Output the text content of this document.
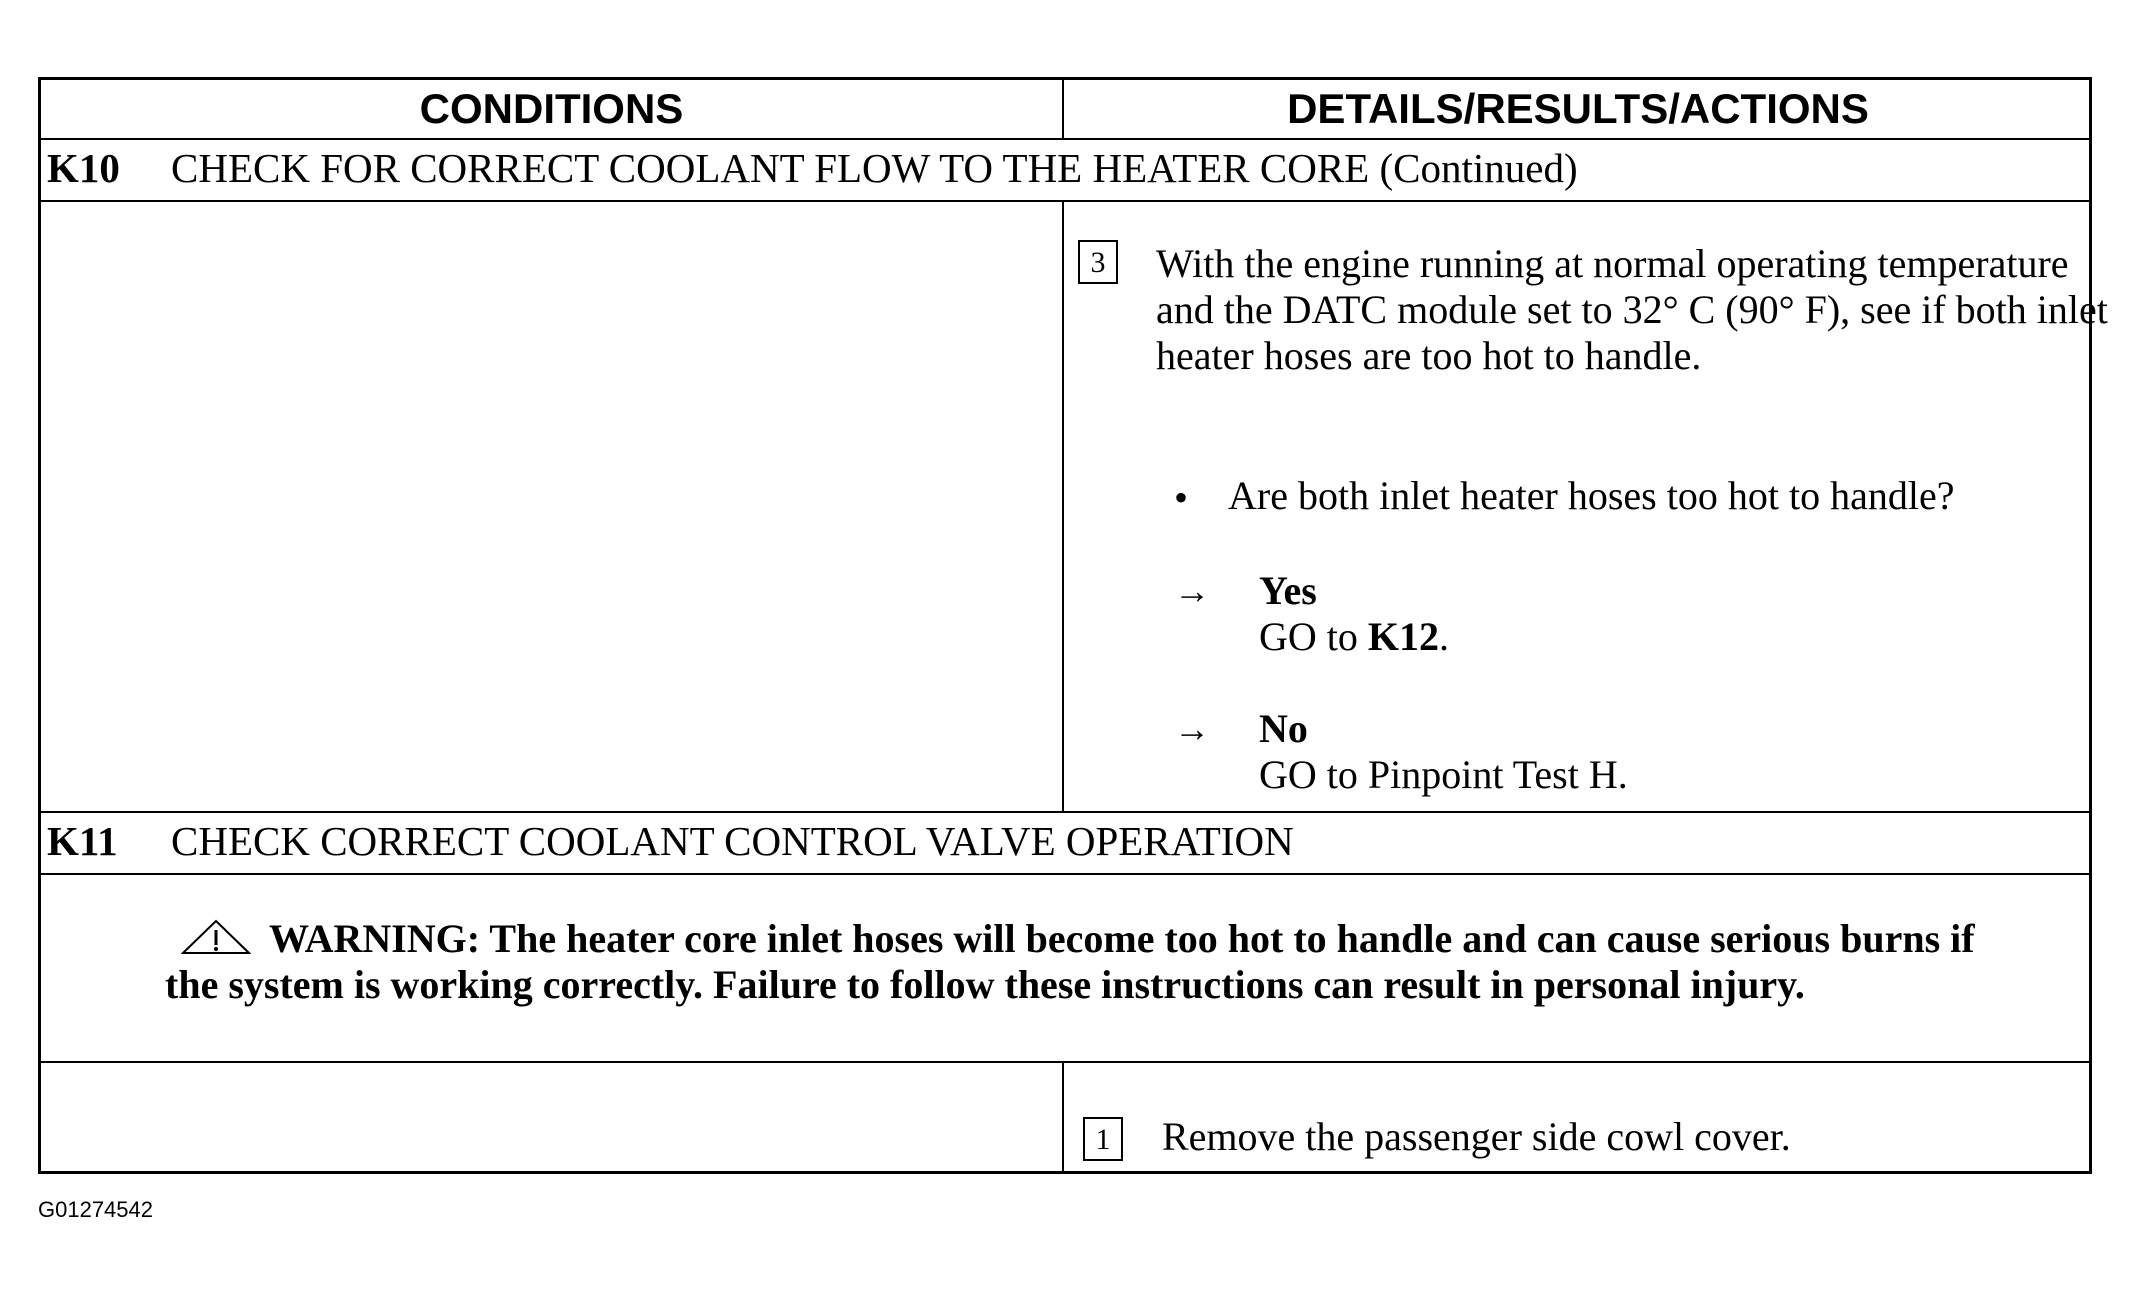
CONDITIONS	DETAILS/RESULTS/ACTIONS
K10 CHECK FOR CORRECT COOLANT FLOW TO THE HEATER CORE (Continued)
3	With the engine running at normal operating temperature and the DATC module set to 32° C (90° F), see if both inlet heater hoses are too hot to handle.
• Are both inlet heater hoses too hot to handle?
→ Yes
GO to K12.
→ No
GO to Pinpoint Test H.
K11 CHECK CORRECT COOLANT CONTROL VALVE OPERATION
WARNING: The heater core inlet hoses will become too hot to handle and can cause serious burns if the system is working correctly. Failure to follow these instructions can result in personal injury.
1	Remove the passenger side cowl cover.
G01274542
